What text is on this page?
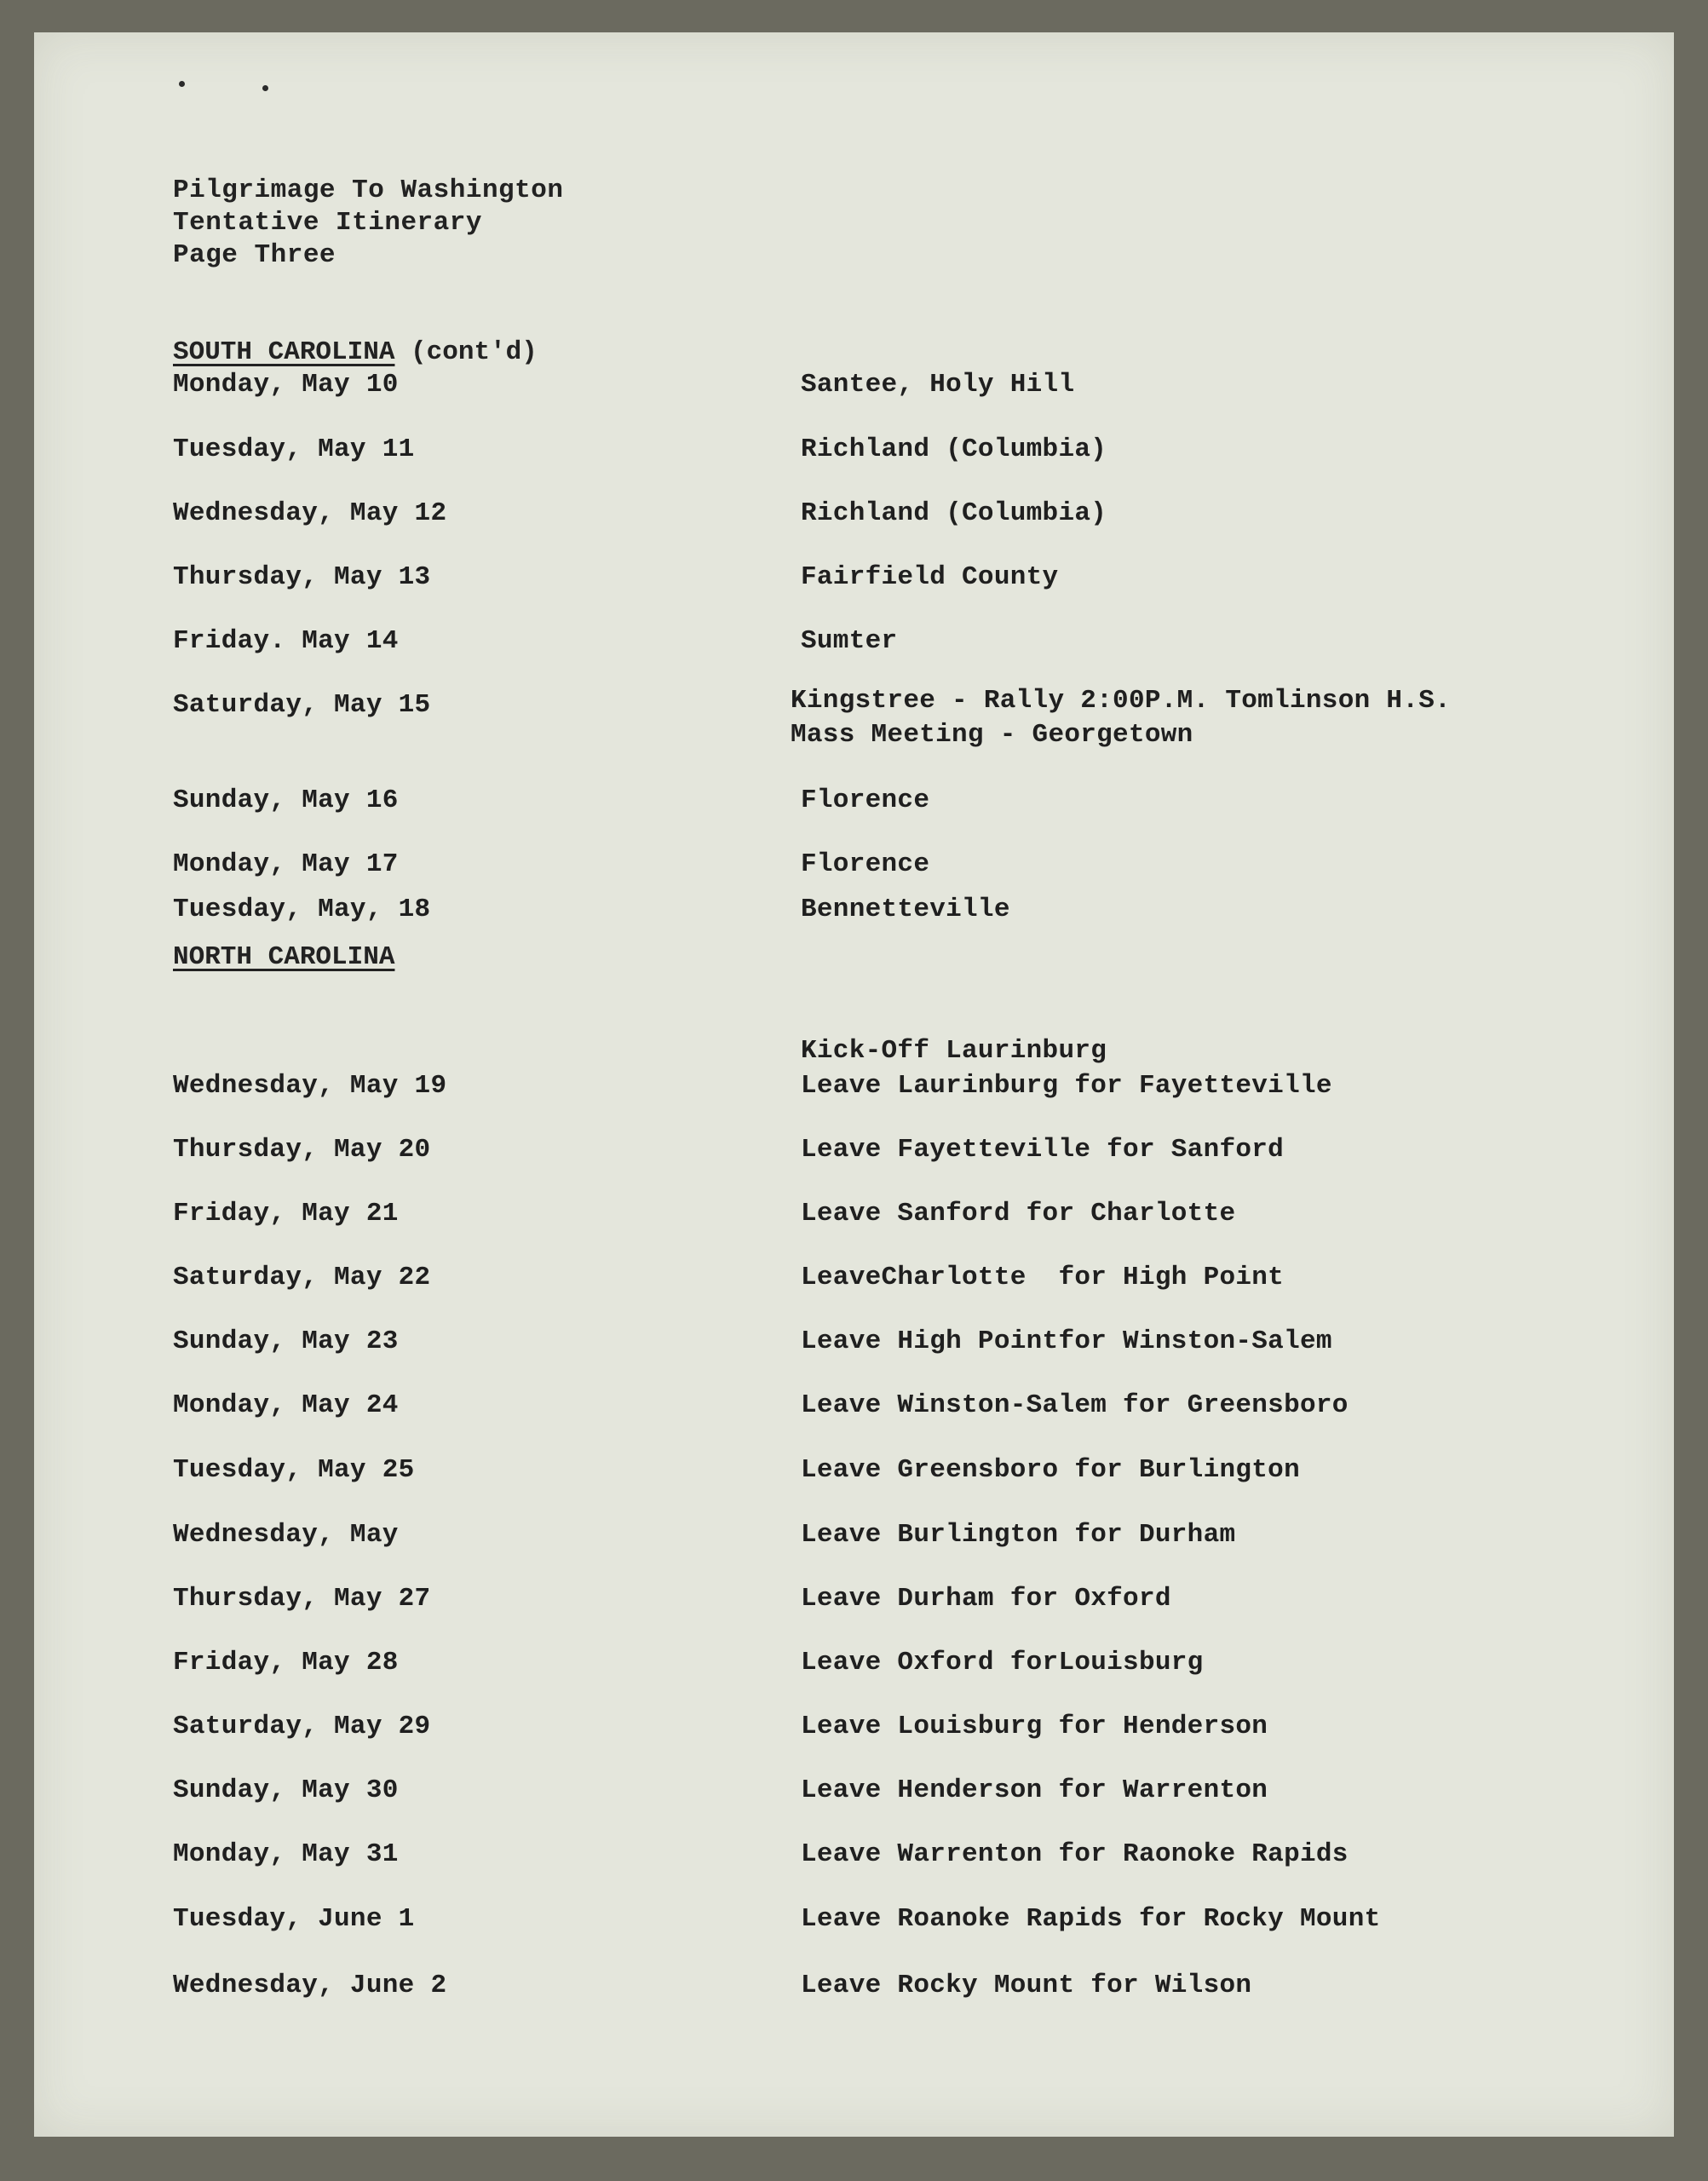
Pilgrimage To Washington
Tentative Itinerary
Page Three
SOUTH CAROLINA (cont'd)
Monday, May 10	Santee, Holy Hill
Tuesday, May 11	Richland (Columbia)
Wednesday, May 12	Richland (Columbia)
Thursday, May 13	Fairfield County
Friday. May 14	Sumter
Saturday, May 15	Kingstree - Rally 2:00P.M. Tomlinson H.S.
Mass Meeting - Georgetown
Sunday, May 16	Florence
Monday, May 17	Florence
Tuesday, May, 18	Bennetteville
NORTH CAROLINA
Kick-Off Laurinburg
Wednesday, May 19	Leave Laurinburg for Fayetteville
Thursday, May 20	Leave Fayetteville for Sanford
Friday, May 21	Leave Sanford for Charlotte
Saturday, May 22	LeaveCharlotte  for High Point
Sunday, May 23	Leave High Pointfor Winston-Salem
Monday, May 24	Leave Winston-Salem for Greensboro
Tuesday, May 25	Leave Greensboro for Burlington
Wednesday, May	Leave Burlington for Durham
Thursday, May 27	Leave Durham for Oxford
Friday, May 28	Leave Oxford forLouisburg
Saturday, May 29	Leave Louisburg for Henderson
Sunday, May 30	Leave Henderson for Warrenton
Monday, May 31	Leave Warrenton for Raonoke Rapids
Tuesday, June 1	Leave Roanoke Rapids for Rocky Mount
Wednesday, June 2	Leave Rocky Mount for Wilson
